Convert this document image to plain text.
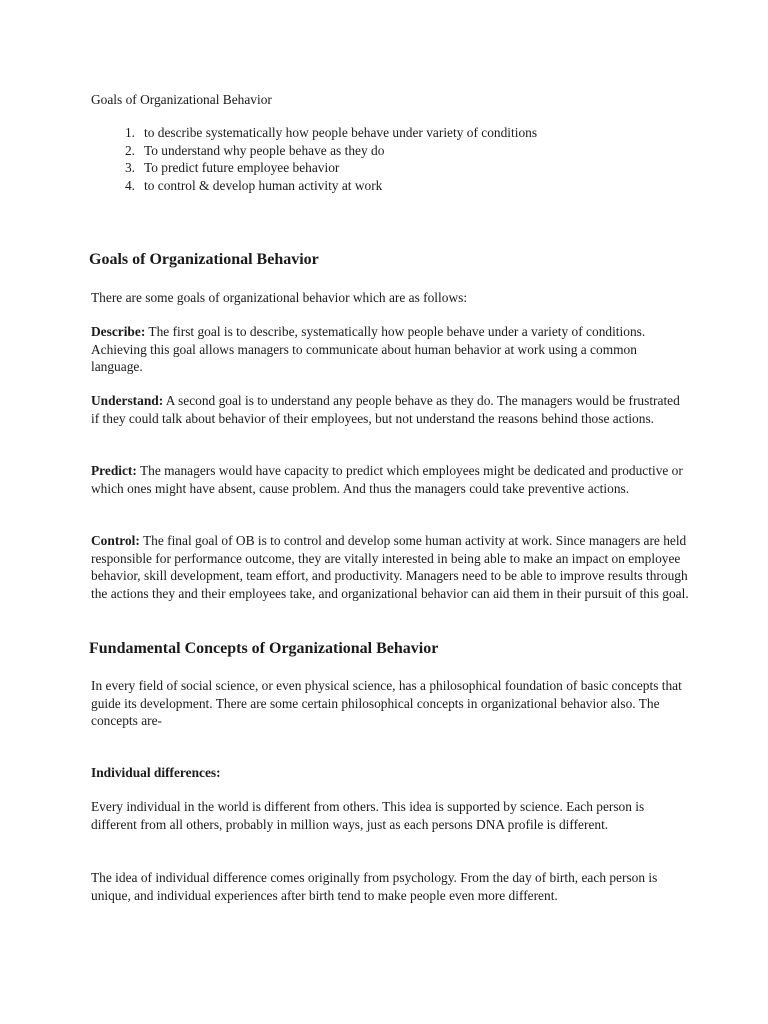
Goals of Organizational Behavior
1. to describe systematically how people behave under variety of conditions
2. To understand why people behave as they do
3. To predict future employee behavior
4. to control & develop human activity at work
Goals of Organizational Behavior

There are some goals of organizational behavior which are as follows:

Describe: The first goal is to describe, systematically how people behave under a variety of conditions. Achieving this goal allows managers to communicate about human behavior at work using a common language.

Understand: A second goal is to understand any people behave as they do. The managers would be frustrated if they could talk about behavior of their employees, but not understand the reasons behind those actions.

Predict: The managers would have capacity to predict which employees might be dedicated and productive or which ones might have absent, cause problem. And thus the managers could take preventive actions.

Control: The final goal of OB is to control and develop some human activity at work. Since managers are held responsible for performance outcome, they are vitally interested in being able to make an impact on employee behavior, skill development, team effort, and productivity. Managers need to be able to improve results through the actions they and their employees take, and organizational behavior can aid them in their pursuit of this goal.

Fundamental Concepts of Organizational Behavior

In every field of social science, or even physical science, has a philosophical foundation of basic concepts that guide its development. There are some certain philosophical concepts in organizational behavior also. The concepts are-

Individual differences:

Every individual in the world is different from others. This idea is supported by science. Each person is different from all others, probably in million ways, just as each persons DNA profile is different.

The idea of individual difference comes originally from psychology. From the day of birth, each person is unique, and individual experiences after birth tend to make people even more different.
